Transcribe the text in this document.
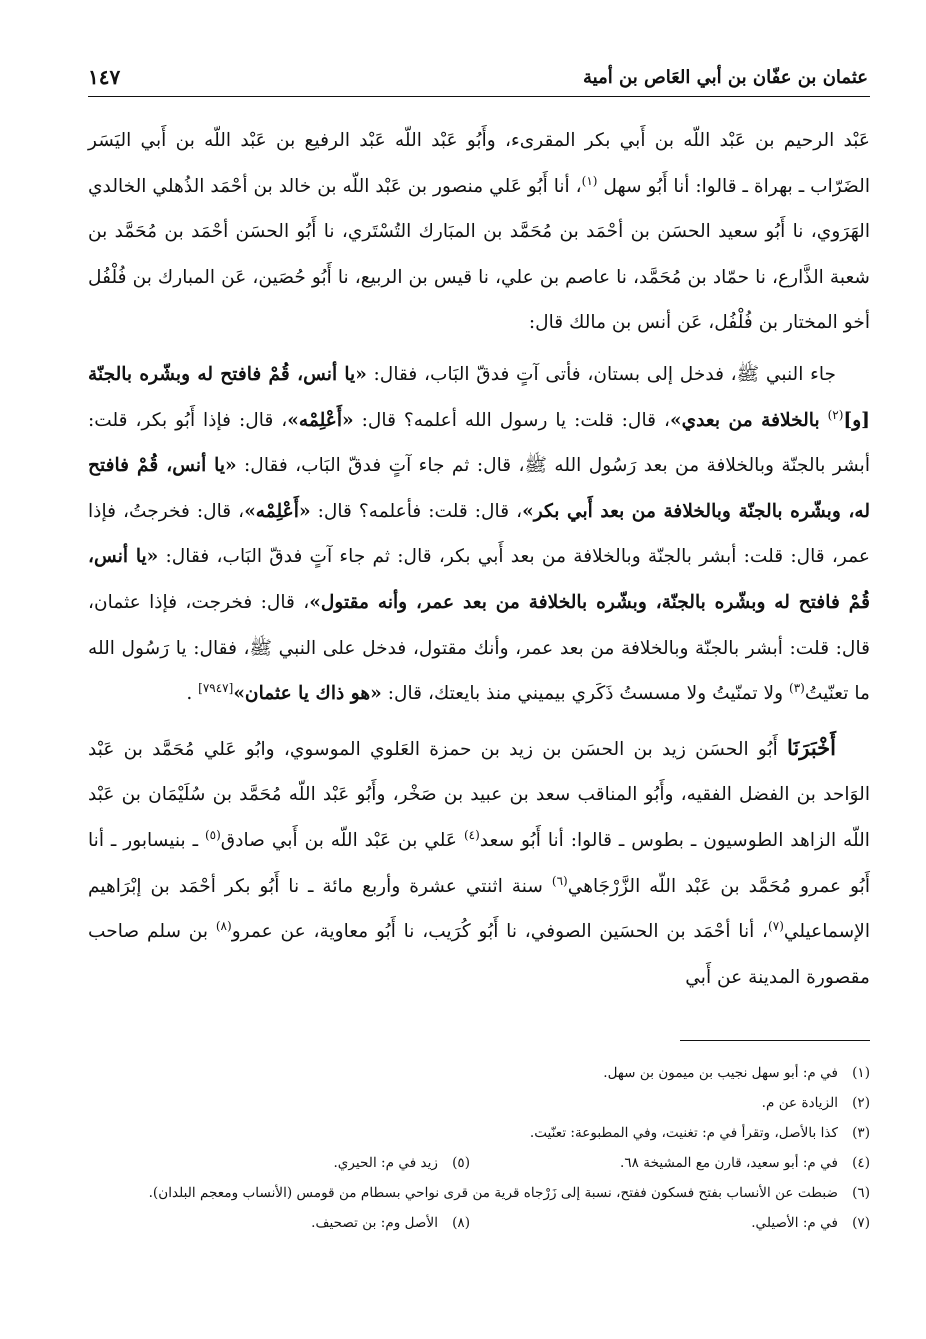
عثمان بن عفّان بن أبي العَاص بن أمية
١٤٧

عَبْد الرحيم بن عَبْد اللّه بن أَبي بكر المقرىء، وأَبُو عَبْد اللّه عَبْد الرفيع بن عَبْد اللّه بن أَبي اليَسَر الضَرّاب ـ بهراة ـ قالوا: أنا أَبُو سهل $^{(١)}$، أنا أَبُو عَلي منصور بن عَبْد اللّه بن خالد بن أحْمَد الذُهلي الخالدي الهَرَوي، نا أَبُو سعيد الحسَن بن أحْمَد بن مُحَمَّد بن المبَارك التُسْتَري، نا أَبُو الحسَن أحْمَد بن مُحَمَّد بن شعبة الذَّارع، نا حمّاد بن مُحَمَّد، نا عاصم بن علي، نا قيس بن الربيع، نا أَبُو حُصَين، عَن المبارك بن فُلْفُل أخو المختار بن فُلْفُل، عَن أنس بن مالك قال:

جاء النبي ﷺ، فدخل إلى بستان، فأتى آتٍ فدقّ البَاب، فقال: «يا أنس، قُمْ فافتح له وبشّره بالجنّة [و]$^{(٢)}$ بالخلافة من بعدي»، قال: قلت: يا رسول الله أعلمه؟ قال: «أَعْلِمْه»، قال: فإذا أَبُو بكر، قلت: أبشر بالجنّة وبالخلافة من بعد رَسُول الله ﷺ، قال: ثم جاء آتٍ فدقّ البَاب، فقال: «يا أنس، قُمْ فافتح له، وبشّره بالجنّة وبالخلافة من بعد أَبي بكر»، قال: قلت: فأعلمه؟ قال: «أَعْلِمْه»، قال: فخرجتُ، فإذا عمر، قال: قلت: أبشر بالجنّة وبالخلافة من بعد أَبي بكر، قال: ثم جاء آتٍ فدقّ البَاب، فقال: «يا أنس، قُمْ فافتح له وبشّره بالجنّة، وبشّره بالخلافة من بعد عمر، وأنه مقتول»، قال: فخرجت، فإذا عثمان، قال: قلت: أبشر بالجنّة وبالخلافة من بعد عمر، وأنك مقتول، فدخل على النبي ﷺ، فقال: يا رَسُول الله ما تعنّيتُ$^{(٣)}$ ولا تمنّيتُ ولا مسستُ ذَكَري بيميني منذ بايعتك، قال: «هو ذاك يا عثمان»[٧٩٤٧] .

أَخْبَرَنَا أَبُو الحسَن زيد بن الحسَن بن زيد بن حمزة العَلوي الموسوي، وابُو عَلي مُحَمَّد بن عَبْد الوَاحد بن الفضل الفقيه، وأَبُو المناقب سعد بن عبيد بن صَخْر، وأَبُو عَبْد اللّه مُحَمَّد بن سُلَيْمَان بن عَبْد اللّه الزاهد الطوسيون ـ بطوس ـ قالوا: أنا أَبُو سعد$^{(٤)}$ عَلي بن عَبْد اللّه بن أَبي صادق$^{(٥)}$ ـ بنيسابور ـ أنا أَبُو عمرو مُحَمَّد بن عَبْد اللّه الزَّرْجَاهي$^{(٦)}$ سنة اثنتي عشرة وأربع مائة ـ نا أَبُو بكر أحْمَد بن إبْرَاهيم الإسماعيلي$^{(٧)}$، أنا أحْمَد بن الحسَين الصوفي، نا أَبُو كُرَيب، نا أَبُو معاوية، عن عمرو$^{(٨)}$ بن سلم صاحب مقصورة المدينة عن أَبي

(١)
في م: أبو سهل نجيب بن ميمون بن سهل.
(٢)
الزيادة عن م.
(٣)
كذا بالأصل، وتقرأ في م: تغنيت، وفي المطبوعة: تعنّيت.
(٤)
في م: أبو سعيد، قارن مع المشيخة ٦٨.
(٥)
زيد في م: الحيري.
(٦)
ضبطت عن الأنساب بفتح فسكون ففتح، نسبة إلى زَرْجاه قرية من قرى نواحي بسطام من قومس (الأنساب ومعجم البلدان).
(٧)
في م: الأصيلي.
(٨)
الأصل وم: بن تصحيف.
